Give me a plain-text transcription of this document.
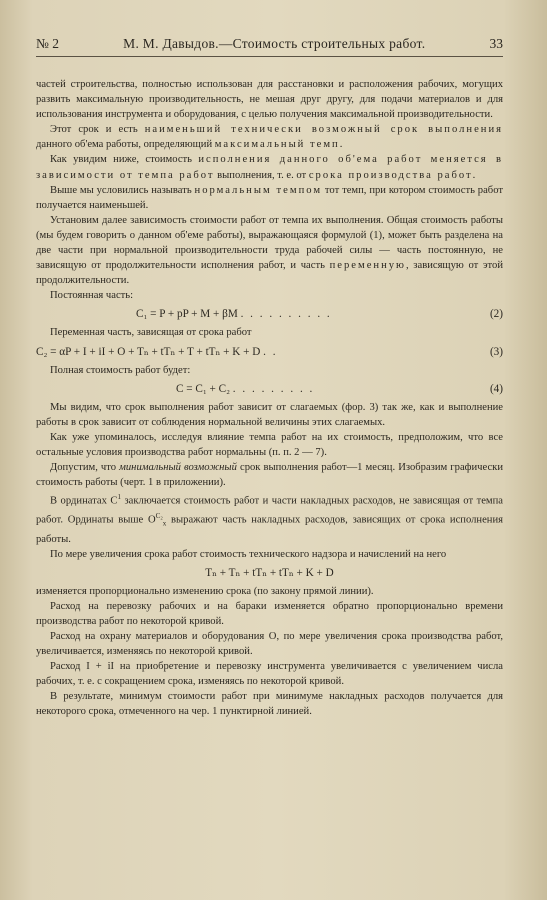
№ 2	М. М. Давыдов.—Стоимость строительных работ.	33

частей строительства, полностью использован для расстановки и расположения рабочих, могущих развить максимальную производительность, не мешая друг другу, для подачи материалов и для использования инструмента и оборудования, с целью получения максимальной производительности.

Этот срок и есть наименьший технически возможный срок выполнения данного об'ема работы, определяющий максимальный темп.

Как увидим ниже, стоимость исполнения данного об'ема работ меняется в зависимости от темпа работ выполнения, т. е. от срока производства работ.

Выше мы условились называть нормальным темпом тот темп, при котором стоимость работ получается наименьшей.

Установим далее зависимость стоимости работ от темпа их выполнения. Общая стоимость работы (мы будем говорить о данном об'еме работы), выражающаяся формулой (1), может быть разделена на две части при нормальной производительности труда рабочей силы — часть постоянную, не зависящую от продолжительности исполнения работ, и часть переменную, зависящую от этой продолжительности.

Постоянная часть:

C₁ = P + pP + M + βM . . . . . . . . . .	(2)

Переменная часть, зависящая от срока работ

C₂ = αP + I + iI + O + Tₙ + tTₙ + T + tTₙ + K + D . .	(3)

Полная стоимость работ будет:

C = C₁ + C₂ . . . . . . . . .	(4)

Мы видим, что срок выполнения работ зависит от слагаемых (фор. 3) так же, как и выполнение работы в срок зависит от соблюдения нормальной величины этих слагаемых.

Как уже упоминалось, исследуя влияние темпа работ на их стоимость, предположим, что все остальные условия производства работ нормальны (п. п. 2 — 7).

Допустим, что минимальный возможный срок выполнения работ—1 месяц. Изобразим графически стоимость работы (черт. 1 в приложении).

В ординатах $С^1$ заключается стоимость работ и части накладных расходов, не зависящая от темпа работ. Ординаты выше $О^{С_2}_x$ выражают часть накладных расходов, зависящих от срока исполнения работы.

По мере увеличения срока работ стоимость технического надзора и начислений на него

Tₙ + Tₙ + tTₙ + tTₙ + K + D

изменяется пропорционально изменению срока (по закону прямой линии).

Расход на перевозку рабочих и на бараки изменяется обратно пропорционально времени производства работ по некоторой кривой.

Расход на охрану материалов и оборудования О, по мере увеличения срока производства работ, увеличивается, изменяясь по некоторой кривой.

Расход I + iI на приобретение и перевозку инструмента увеличивается с увеличением числа рабочих, т. е. с сокращением срока, изменяясь по некоторой кривой.

В результате, минимум стоимости работ при минимуме накладных расходов получается для некоторого срока, отмеченного на чер. 1 пунктирной линией.
